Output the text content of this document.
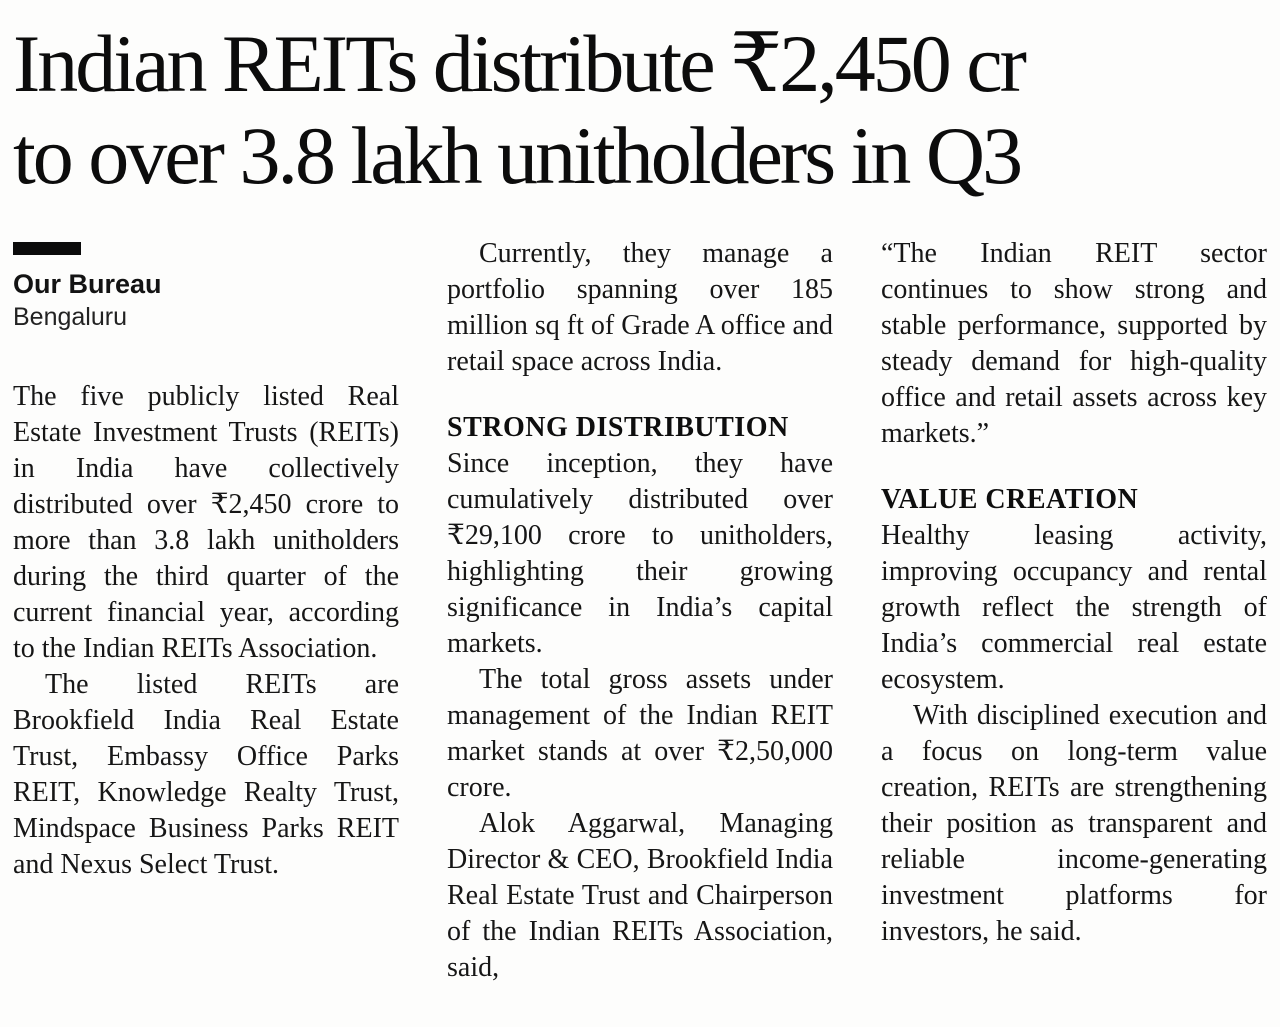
Indian REITs distribute ₹2,450 cr
to over 3.8 lakh unitholders in Q3
Our Bureau
Bengaluru

The five publicly listed Real Estate Investment Trusts (REITs) in India have collectively distributed over ₹2,450 crore to more than 3.8 lakh unitholders during the third quarter of the current financial year, according to the Indian REITs Association.

The listed REITs are Brookfield India Real Estate Trust, Embassy Office Parks REIT, Knowledge Realty Trust, Mindspace Business Parks REIT and Nexus Select Trust.

Currently, they manage a portfolio spanning over 185 million sq ft of Grade A office and retail space across India.

STRONG DISTRIBUTION

Since inception, they have cumulatively distributed over ₹29,100 crore to unitholders, highlighting their growing significance in India’s capital markets.

The total gross assets under management of the Indian REIT market stands at over ₹2,50,000 crore.

Alok Aggarwal, Managing Director & CEO, Brookfield India Real Estate Trust and Chairperson of the Indian REITs Association, said,

“The Indian REIT sector continues to show strong and stable performance, supported by steady demand for high-quality office and retail assets across key markets.”

VALUE CREATION

Healthy leasing activity, improving occupancy and rental growth reflect the strength of India’s commercial real estate ecosystem.

With disciplined execution and a focus on long-term value creation, REITs are strengthening their position as transparent and reliable income-generating investment platforms for investors, he said.
